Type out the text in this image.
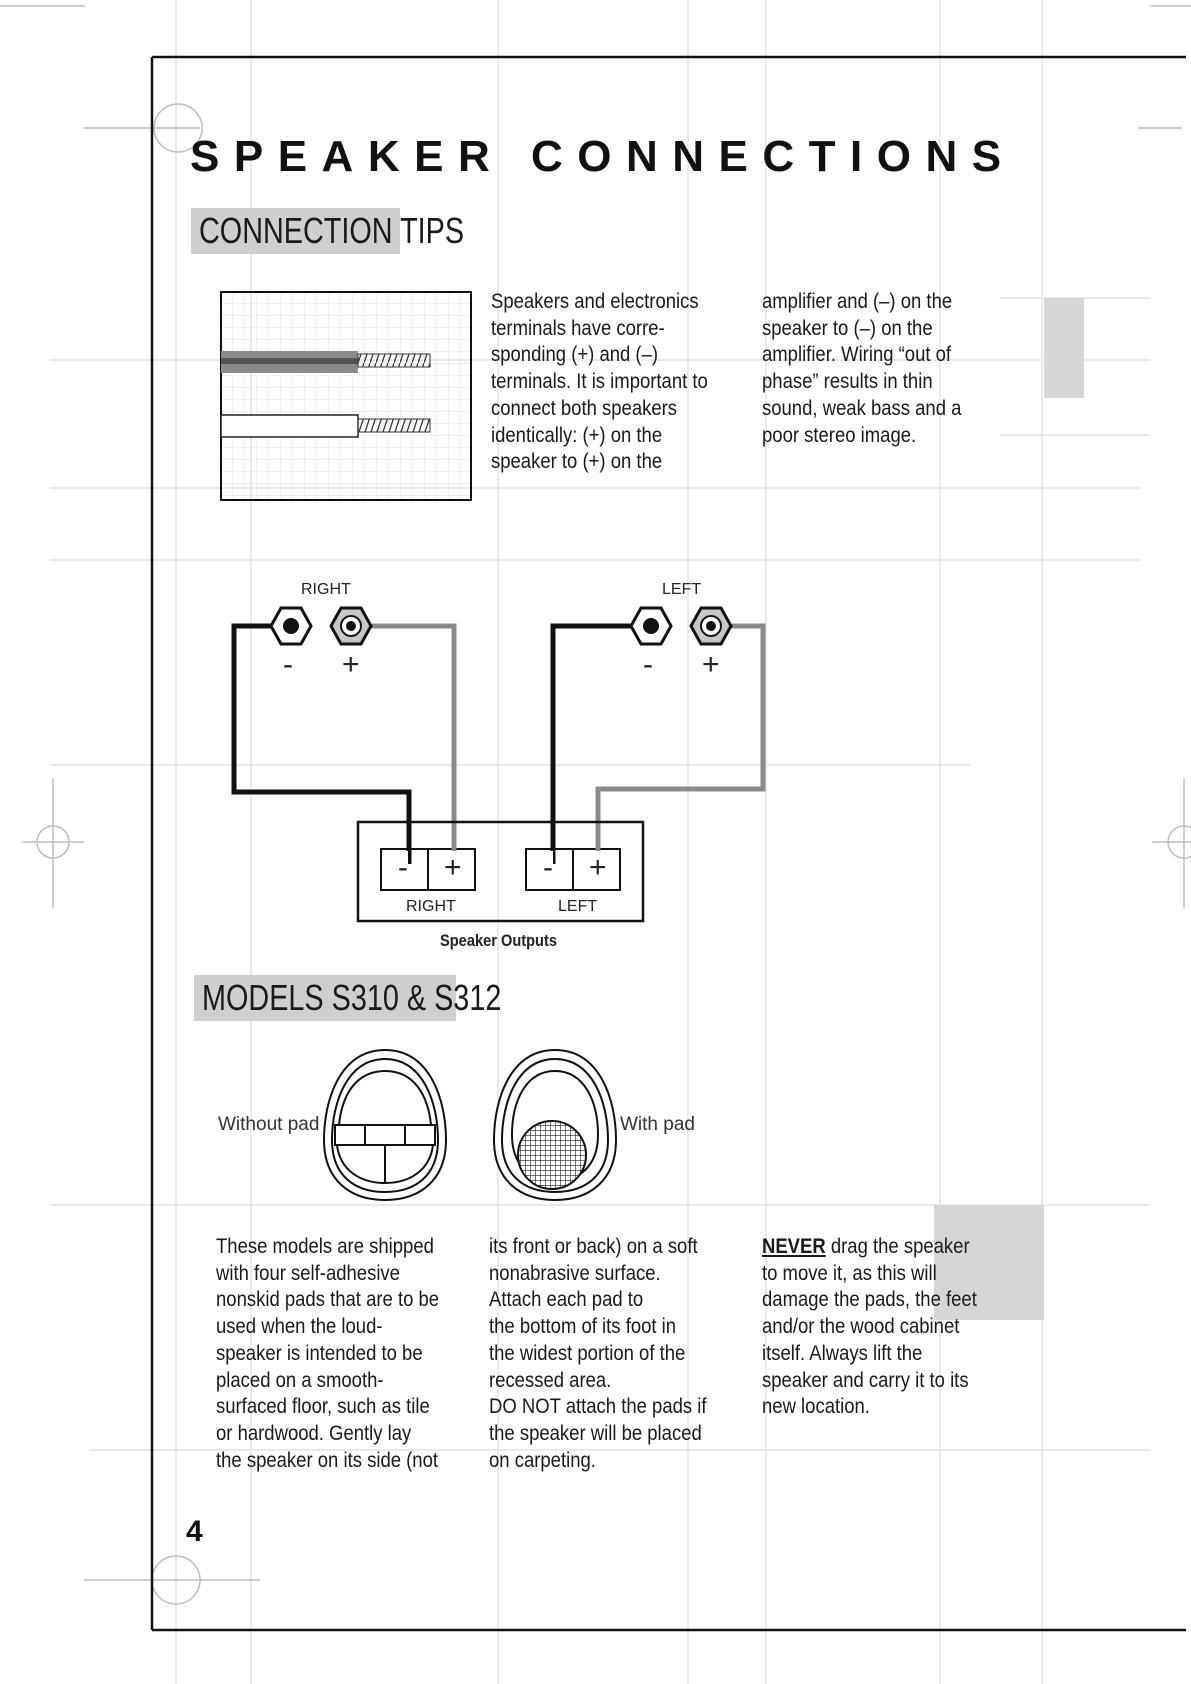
SPEAKER CONNECTIONS
CONNECTION TIPS
Speakers and electronics
terminals have corre-
sponding (+) and (–)
terminals. It is important to
connect both speakers
identically: (+) on the
speaker to (+) on the
amplifier and (–) on the
speaker to (–) on the
amplifier. Wiring “out of
phase” results in thin
sound, weak bass and a
poor stereo image.
RIGHT	LEFT
- +	- +
- +	- +
RIGHT	LEFT
Speaker Outputs
MODELS S310 & S312
Without pad	With pad
These models are shipped
with four self-adhesive
nonskid pads that are to be
used when the loud-
speaker is intended to be
placed on a smooth-
surfaced floor, such as tile
or hardwood. Gently lay
the speaker on its side (not
its front or back) on a soft
nonabrasive surface.
Attach each pad to
the bottom of its foot in
the widest portion of the
recessed area.
DO NOT attach the pads if
the speaker will be placed
on carpeting.
NEVER drag the speaker
to move it, as this will
damage the pads, the feet
and/or the wood cabinet
itself. Always lift the
speaker and carry it to its
new location.
4
